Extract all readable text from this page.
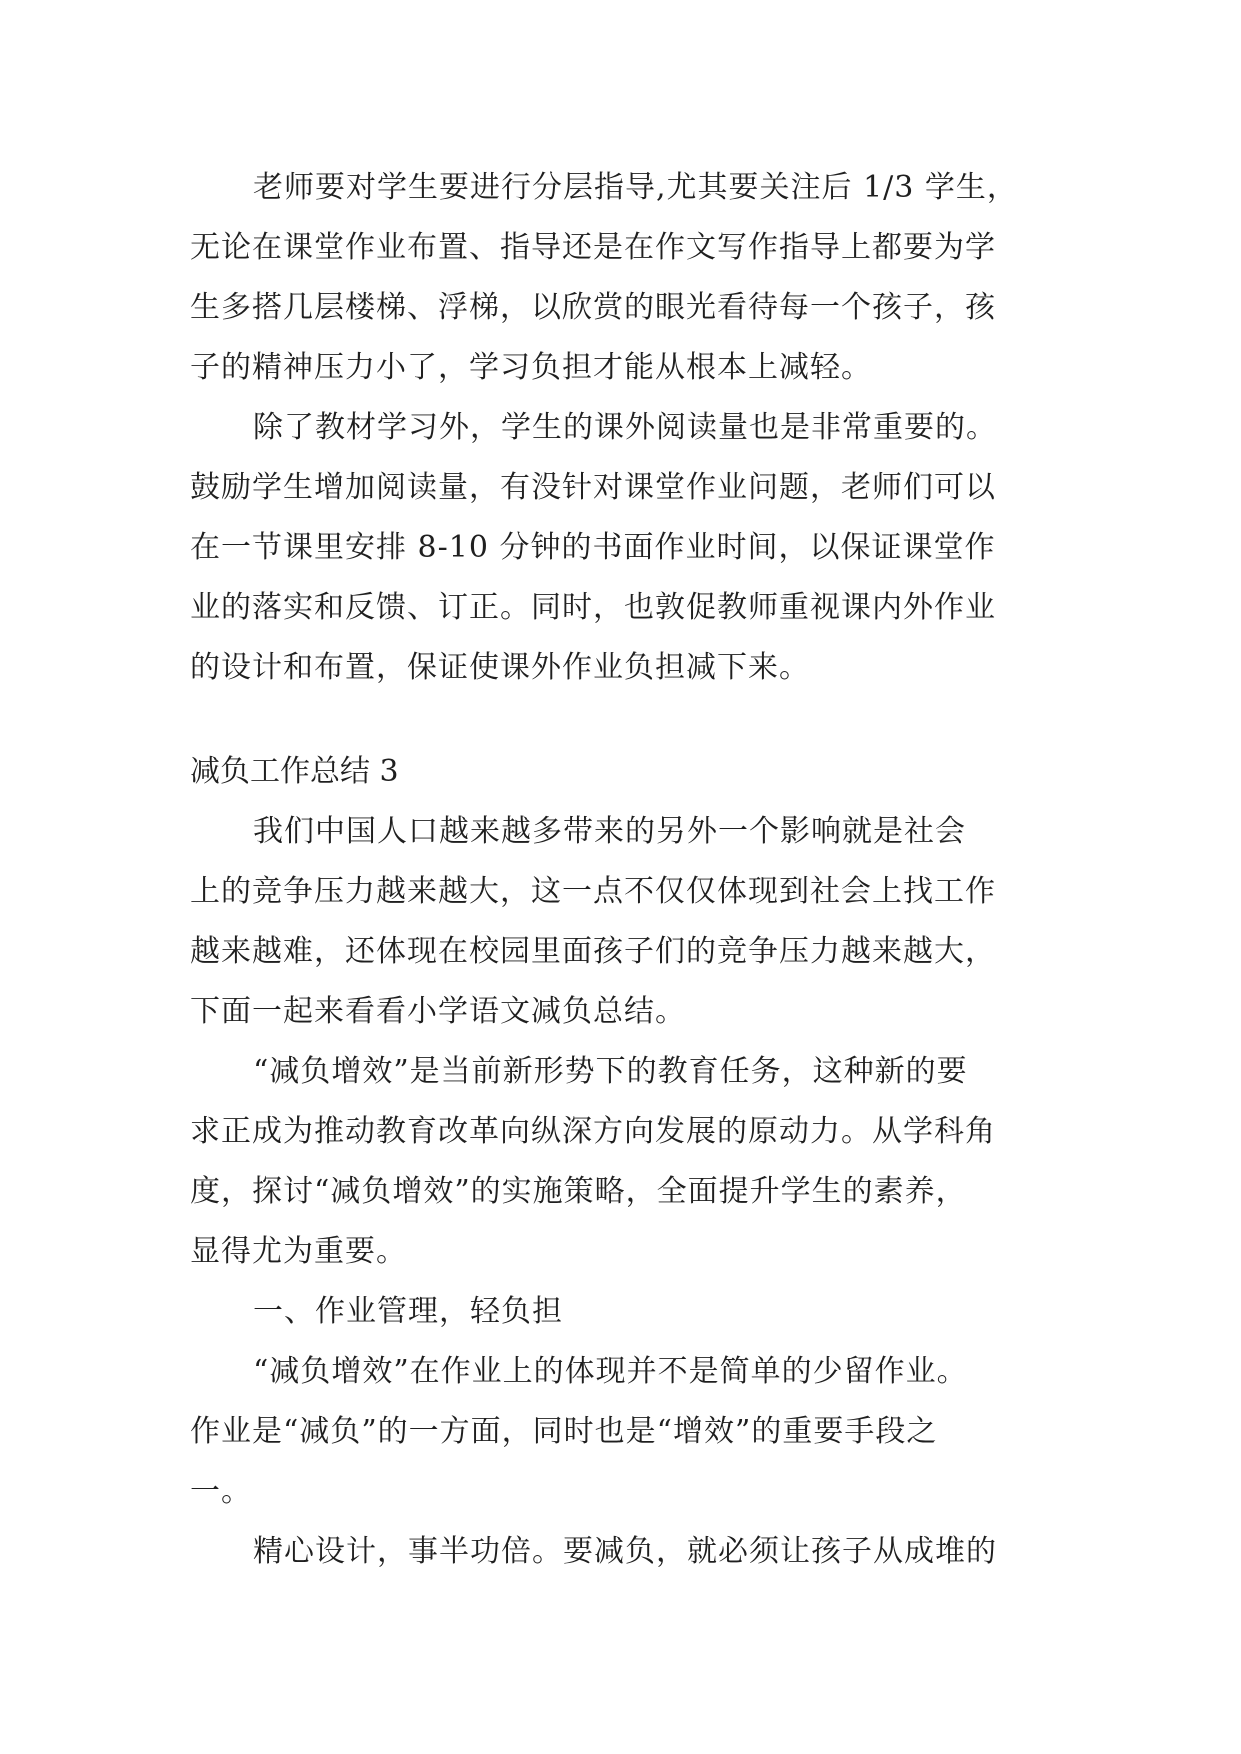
老师要对学生要进行分层指导,尤其要关注后 1/3 学生，

无论在课堂作业布置、指导还是在作文写作指导上都要为学

生多搭几层楼梯、浮梯，以欣赏的眼光看待每一个孩子，孩

子的精神压力小了，学习负担才能从根本上减轻。

除了教材学习外，学生的课外阅读量也是非常重要的。

鼓励学生增加阅读量，有没针对课堂作业问题，老师们可以

在一节课里安排 8-10 分钟的书面作业时间，以保证课堂作

业的落实和反馈、订正。同时，也敦促教师重视课内外作业

的设计和布置，保证使课外作业负担减下来。

减负工作总结 3

我们中国人口越来越多带来的另外一个影响就是社会

上的竞争压力越来越大，这一点不仅仅体现到社会上找工作

越来越难，还体现在校园里面孩子们的竞争压力越来越大，

下面一起来看看小学语文减负总结。

“减负增效”是当前新形势下的教育任务，这种新的要

求正成为推动教育改革向纵深方向发展的原动力。从学科角

度，探讨“减负增效”的实施策略，全面提升学生的素养，

显得尤为重要。

一、作业管理，轻负担

“减负增效”在作业上的体现并不是简单的少留作业。

作业是“减负”的一方面，同时也是“增效”的重要手段之

一。

精心设计，事半功倍。要减负，就必须让孩子从成堆的
